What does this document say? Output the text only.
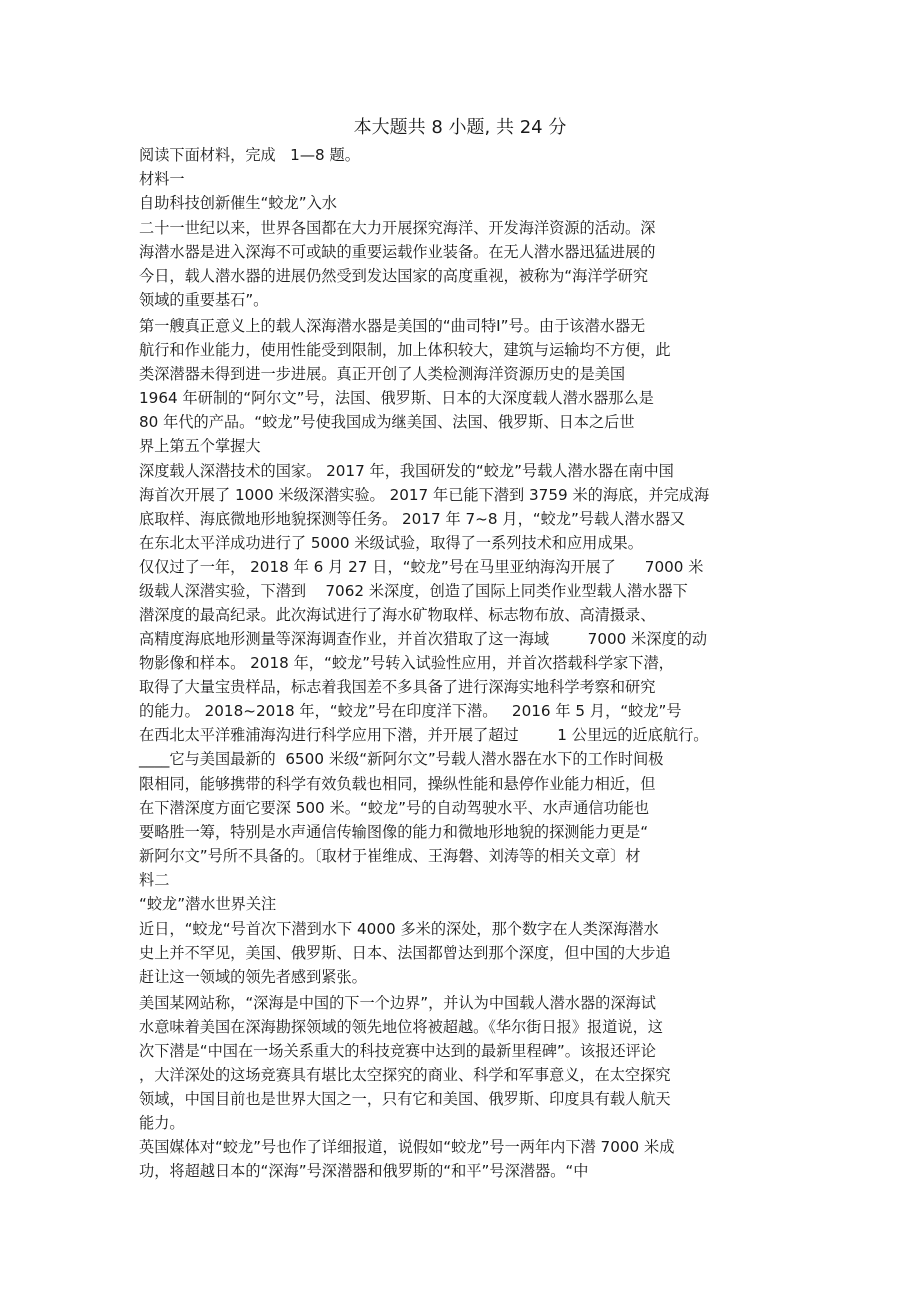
本大题共 8 小题, 共 24 分
阅读下面材料，完成   1—8 题。
材料一
自助科技创新催生“蛟龙”入水
二十一世纪以来，世界各国都在大力开展探究海洋、开发海洋资源的活动。深
海潜水器是进入深海不可或缺的重要运载作业装备。在无人潜水器迅猛进展的
今日，载人潜水器的进展仍然受到发达国家的高度重视，被称为“海洋学研究
领域的重要基石”。
第一艘真正意义上的载人深海潜水器是美国的“曲司特Ⅰ”号。由于该潜水器无
航行和作业能力，使用性能受到限制，加上体积较大，建筑与运输均不方便，此
类深潜器未得到进一步进展。真正开创了人类检测海洋资源历史的是美国
1964 年研制的“阿尔文”号，法国、俄罗斯、日本的大深度载人潜水器那么是
80 年代的产品。“蛟龙”号使我国成为继美国、法国、俄罗斯、日本之后世
界上第五个掌握大
深度载人深潜技术的国家。 2017 年，我国研发的“蛟龙”号载人潜水器在南中国
海首次开展了 1000 米级深潜实验。 2017 年已能下潜到 3759 米的海底，并完成海
底取样、海底微地形地貌探测等任务。 2017 年 7~8 月，“蛟龙”号载人潜水器又
在东北太平洋成功进行了 5000 米级试验，取得了一系列技术和应用成果。
仅仅过了一年， 2018 年 6 月 27 日，“蛟龙”号在马里亚纳海沟开展了      7000 米
级载人深潜实验，下潜到    7062 米深度，创造了国际上同类作业型载人潜水器下
潜深度的最高纪录。此次海试进行了海水矿物取样、标志物布放、高清摄录、
高精度海底地形测量等深海调查作业，并首次猎取了这一海域        7000 米深度的动
物影像和样本。 2018 年，“蛟龙”号转入试验性应用，并首次搭载科学家下潜，
取得了大量宝贵样品，标志着我国差不多具备了进行深海实地科学考察和研究
的能力。 2018~2018 年，“蛟龙”号在印度洋下潜。   2016 年 5 月，“蛟龙”号
在西北太平洋雅浦海沟进行科学应用下潜，并开展了超过        1 公里远的近底航行。
____它与美国最新的  6500 米级“新阿尔文”号载人潜水器在水下的工作时间极
限相同，能够携带的科学有效负载也相同，操纵性能和悬停作业能力相近，但
在下潜深度方面它要深 500 米。“蛟龙”号的自动驾驶水平、水声通信功能也
要略胜一筹，特别是水声通信传输图像的能力和微地形地貌的探测能力更是“
新阿尔文”号所不具备的。〔取材于崔维成、王海磐、刘涛等的相关文章〕材
料二
“蛟龙”潜水世界关注
近日，“蛟龙“号首次下潜到水下 4000 多米的深处，那个数字在人类深海潜水
史上并不罕见，美国、俄罗斯、日本、法国都曾达到那个深度，但中国的大步追
赶让这一领域的领先者感到紧张。
美国某网站称，“深海是中国的下一个边界”，并认为中国载人潜水器的深海试
水意味着美国在深海勘探领域的领先地位将被超越。《华尔街日报》报道说，这
次下潜是“中国在一场关系重大的科技竞赛中达到的最新里程碑”。该报还评论
，大洋深处的这场竞赛具有堪比太空探究的商业、科学和军事意义，在太空探究
领域，中国目前也是世界大国之一，只有它和美国、俄罗斯、印度具有载人航天
能力。
英国媒体对“蛟龙”号也作了详细报道，说假如“蛟龙”号一两年内下潜 7000 米成
功，将超越日本的“深海”号深潜器和俄罗斯的“和平”号深潜器。“中
